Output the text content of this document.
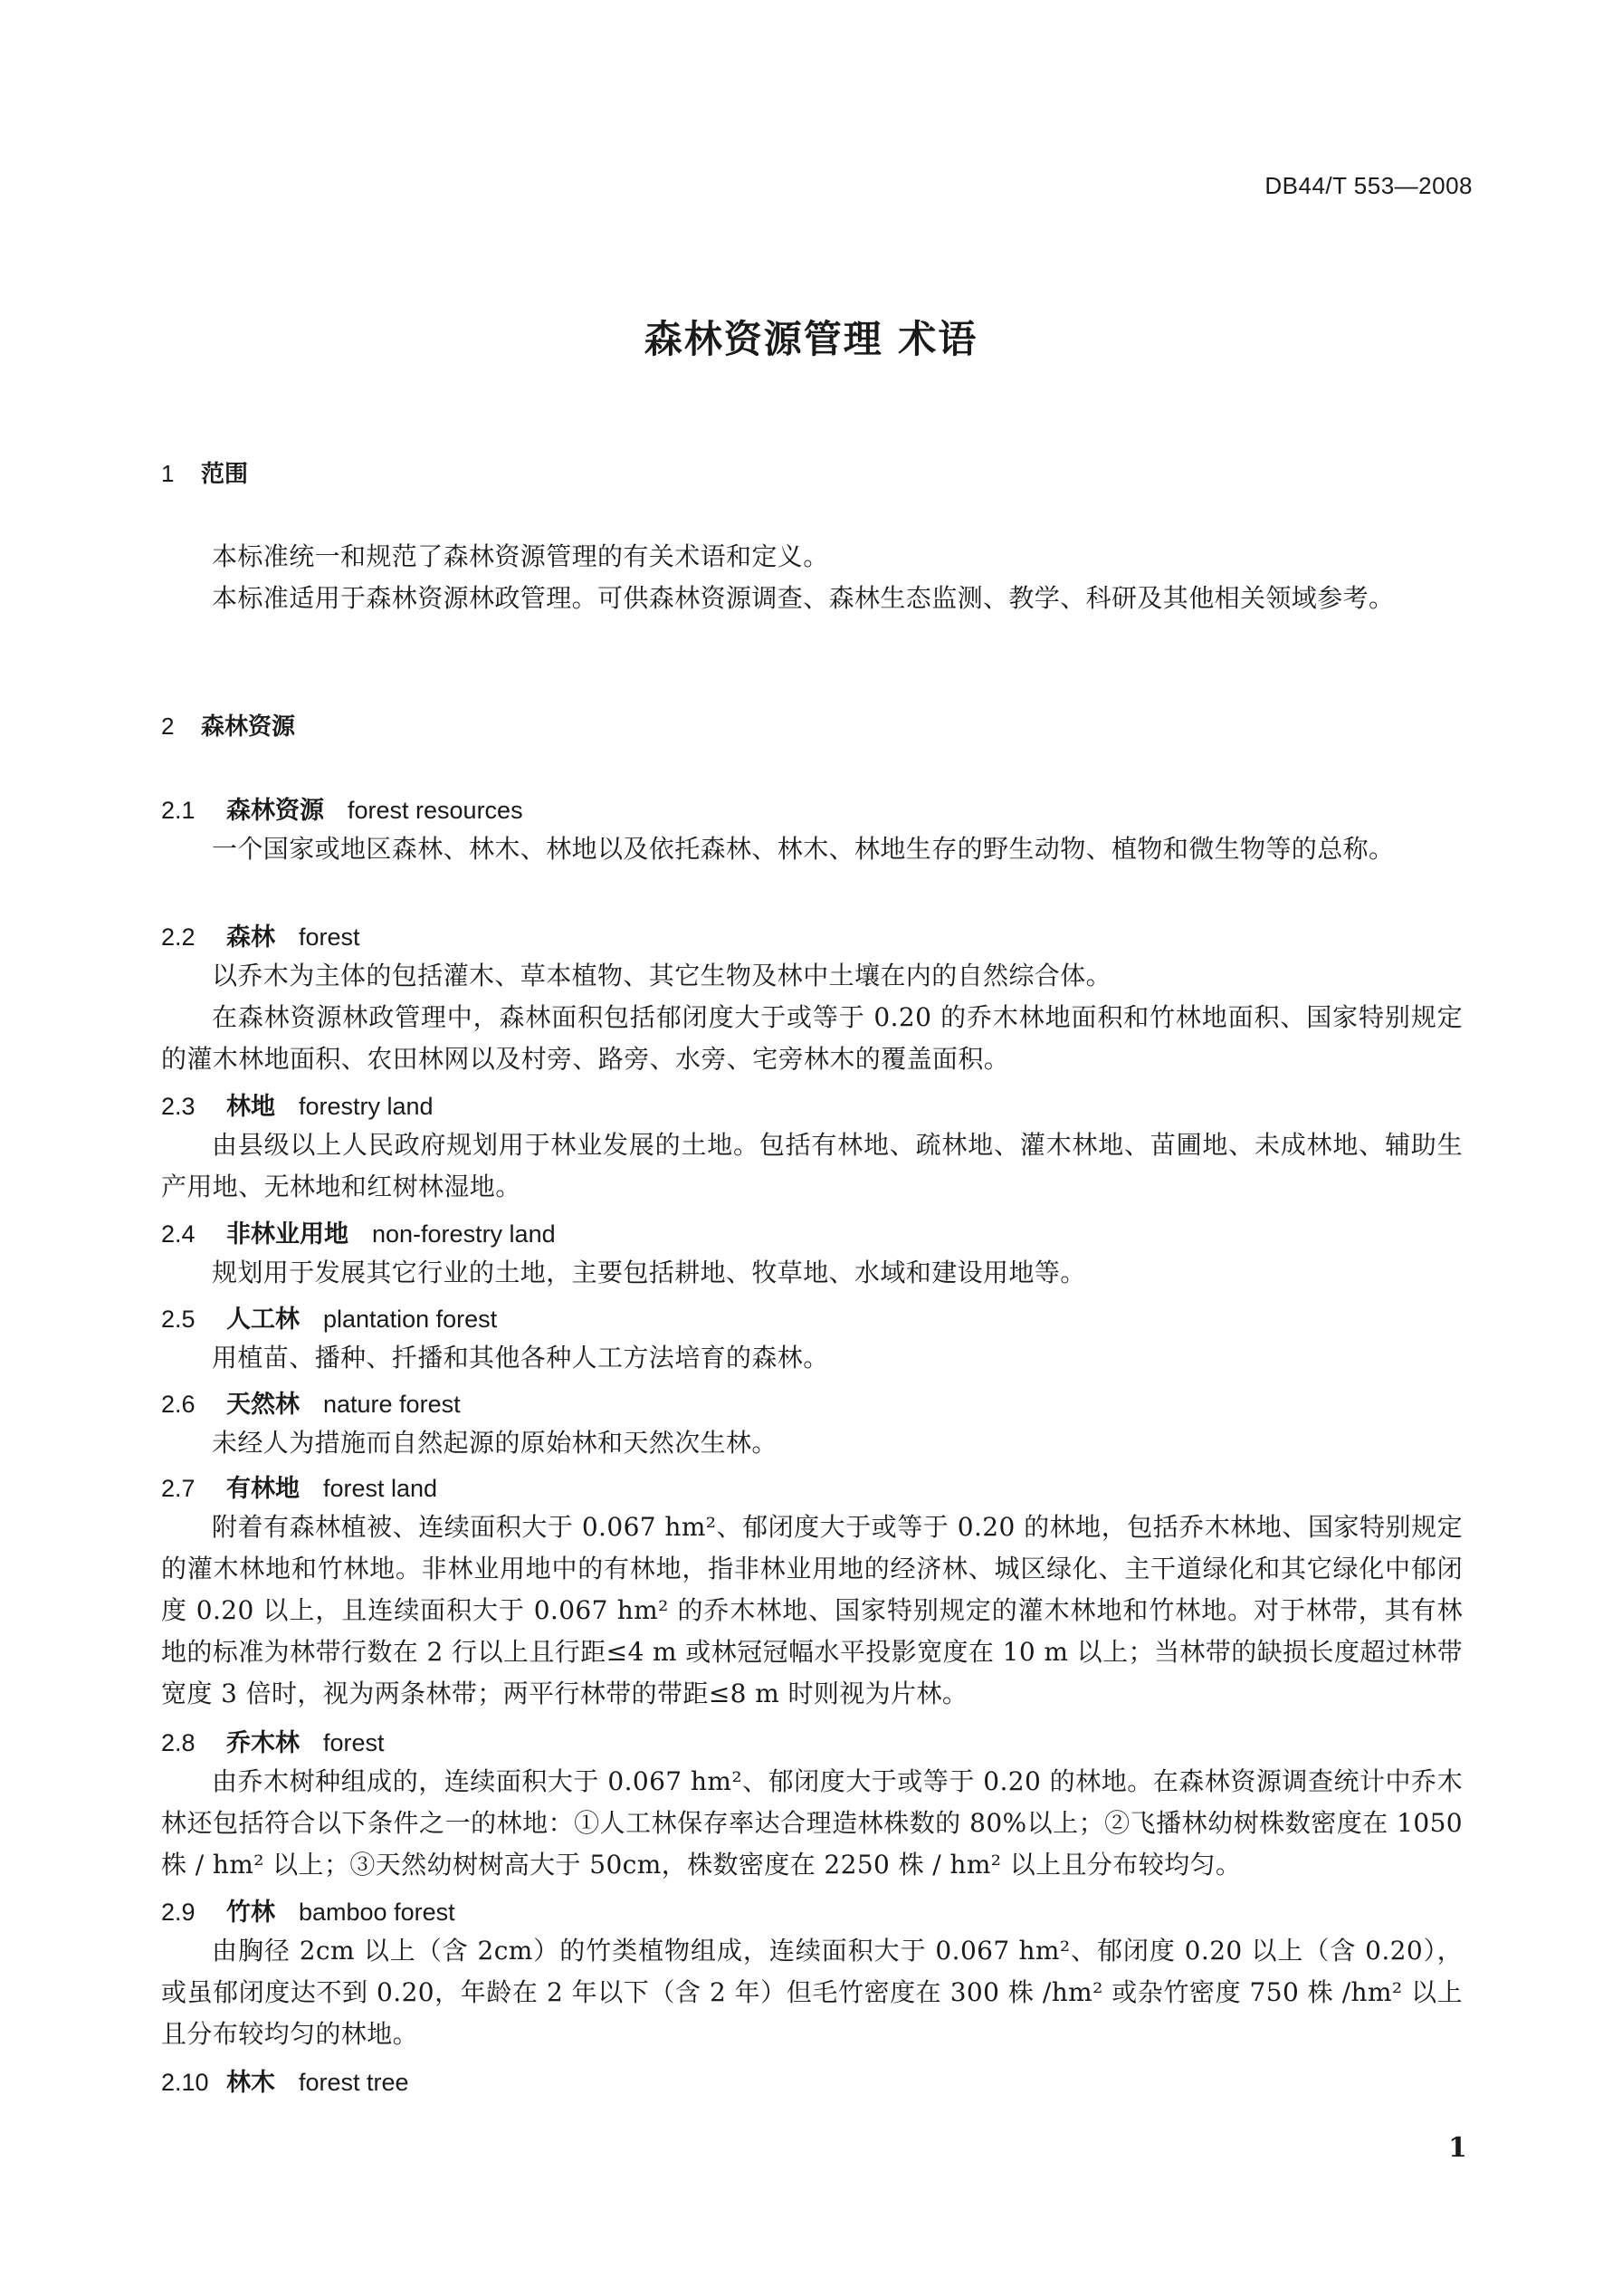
DB44/T 553—2008
森林资源管理 术语
1 范围
本标准统一和规范了森林资源管理的有关术语和定义。
本标准适用于森林资源林政管理。可供森林资源调查、森林生态监测、教学、科研及其他相关领域参考。
2 森林资源
2.1 森林资源 forest resources
一个国家或地区森林、林木、林地以及依托森林、林木、林地生存的野生动物、植物和微生物等的总称。
2.2 森林 forest
以乔木为主体的包括灌木、草本植物、其它生物及林中土壤在内的自然综合体。
在森林资源林政管理中，森林面积包括郁闭度大于或等于 0.20 的乔木林地面积和竹林地面积、国家特别规定的灌木林地面积、农田林网以及村旁、路旁、水旁、宅旁林木的覆盖面积。
2.3 林地 forestry land
由县级以上人民政府规划用于林业发展的土地。包括有林地、疏林地、灌木林地、苗圃地、未成林地、辅助生产用地、无林地和红树林湿地。
2.4 非林业用地 non-forestry land
规划用于发展其它行业的土地，主要包括耕地、牧草地、水域和建设用地等。
2.5 人工林 plantation forest
用植苗、播种、扦播和其他各种人工方法培育的森林。
2.6 天然林 nature forest
未经人为措施而自然起源的原始林和天然次生林。
2.7 有林地 forest land
附着有森林植被、连续面积大于 0.067 hm²、郁闭度大于或等于 0.20 的林地，包括乔木林地、国家特别规定的灌木林地和竹林地。非林业用地中的有林地，指非林业用地的经济林、城区绿化、主干道绿化和其它绿化中郁闭度 0.20 以上，且连续面积大于 0.067 hm² 的乔木林地、国家特别规定的灌木林地和竹林地。对于林带，其有林地的标准为林带行数在 2 行以上且行距≤4 m 或林冠冠幅水平投影宽度在 10 m 以上；当林带的缺损长度超过林带宽度 3 倍时，视为两条林带；两平行林带的带距≤8 m 时则视为片林。
2.8 乔木林 forest
由乔木树种组成的，连续面积大于 0.067 hm²、郁闭度大于或等于 0.20 的林地。在森林资源调查统计中乔木林还包括符合以下条件之一的林地：①人工林保存率达合理造林株数的 80%以上；②飞播林幼树株数密度在 1050 株 / hm² 以上；③天然幼树树高大于 50cm，株数密度在 2250 株 / hm² 以上且分布较均匀。
2.9 竹林 bamboo forest
由胸径 2cm 以上（含 2cm）的竹类植物组成，连续面积大于 0.067 hm²、郁闭度 0.20 以上（含 0.20），或虽郁闭度达不到 0.20，年龄在 2 年以下（含 2 年）但毛竹密度在 300 株 /hm² 或杂竹密度 750 株 /hm² 以上且分布较均匀的林地。
2.10 林木 forest tree
1
